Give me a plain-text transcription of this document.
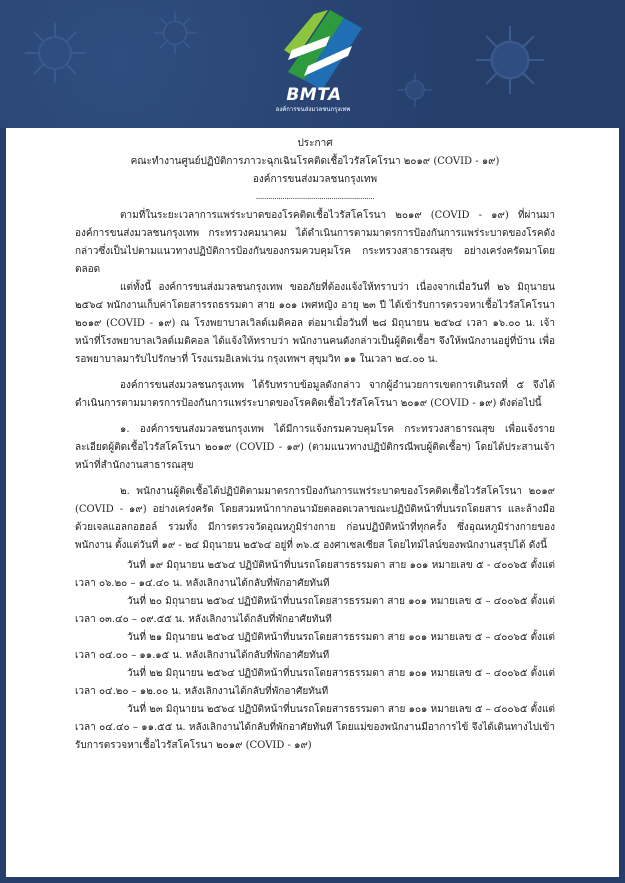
BMTA
องค์การขนส่งมวลชนกรุงเทพ
ประกาศ
คณะทำงานศูนย์ปฏิบัติการภาวะฉุกเฉินโรคติดเชื้อไวรัสโคโรนา ๒๐๑๙ (COVID - ๑๙)
องค์การขนส่งมวลชนกรุงเทพ
..........................................................

ตามที่ในระยะเวลาการแพร่ระบาดของโรคติดเชื้อไวรัสโคโรนา ๒๐๑๙ (COVID - ๑๙) ที่ผ่านมาองค์การขนส่งมวลชนกรุงเทพ กระทรวงคมนาคม ได้ดำเนินการตามมาตรการป้องกันการแพร่ระบาดของโรคดังกล่าวซึ่งเป็นไปตามแนวทางปฏิบัติการป้องกันของกรมควบคุมโรค กระทรวงสาธารณสุข อย่างเคร่งครัดมาโดยตลอด

แต่ทั้งนี้ องค์การขนส่งมวลชนกรุงเทพ ขออภัยที่ต้องแจ้งให้ทราบว่า เนื่องจากเมื่อวันที่ ๒๖ มิถุนายน ๒๕๖๔ พนักงานเก็บค่าโดยสารรถธรรมดา สาย ๑๐๑ เพศหญิง อายุ ๒๓ ปี ได้เข้ารับการตรวจหาเชื้อไวรัสโคโรนา ๒๐๑๙ (COVID - ๑๙) ณ โรงพยาบาลเวิลด์เมดิคอล ต่อมาเมื่อวันที่ ๒๘ มิถุนายน ๒๕๖๔ เวลา ๑๖.๐๐ น. เจ้าหน้าที่โรงพยาบาลเวิลด์เมดิคอล ได้แจ้งให้ทราบว่า พนักงานคนดังกล่าวเป็นผู้ติดเชื้อฯ จึงให้พนักงานอยู่ที่บ้าน เพื่อรอพยาบาลมารับไปรักษาที่ โรงแรมอิเลฟเว่น กรุงเทพฯ สุขุมวิท ๑๑ ในเวลา ๒๔.๐๐ น.

องค์การขนส่งมวลชนกรุงเทพ ได้รับทราบข้อมูลดังกล่าว จากผู้อำนวยการเขตการเดินรถที่ ๕ จึงได้ดำเนินการตามมาตรการป้องกันการแพร่ระบาดของโรคติดเชื้อไวรัสโคโรนา ๒๐๑๙ (COVID - ๑๙) ดังต่อไปนี้

๑. องค์การขนส่งมวลชนกรุงเทพ ได้มีการแจ้งกรมควบคุมโรค กระทรวงสาธารณสุข เพื่อแจ้งรายละเอียดผู้ติดเชื้อไวรัสโคโรนา ๒๐๑๙ (COVID - ๑๙) (ตามแนวทางปฏิบัติกรณีพบผู้ติดเชื้อฯ) โดยได้ประสานเจ้าหน้าที่สำนักงานสาธารณสุข

๒. พนักงานผู้ติดเชื้อได้ปฏิบัติตามมาตรการป้องกันการแพร่ระบาดของโรคติดเชื้อไวรัสโคโรนา ๒๐๑๙ (COVID - ๑๙) อย่างเคร่งครัด โดยสวมหน้ากากอนามัยตลอดเวลาขณะปฏิบัติหน้าที่บนรถโดยสาร และล้างมือด้วยเจลแอลกอฮอล์ รวมทั้ง มีการตรวจวัดอุณหภูมิร่างกาย ก่อนปฏิบัติหน้าที่ทุกครั้ง ซึ่งอุณหภูมิร่างกายของพนักงาน ตั้งแต่วันที่ ๑๙ - ๒๔ มิถุนายน ๒๕๖๔ อยู่ที่ ๓๖.๕ องศาเซลเซียส โดยไทม์ไลน์ของพนักงานสรุปได้ ดังนี้

วันที่ ๑๙ มิถุนายน ๒๕๖๔ ปฏิบัติหน้าที่บนรถโดยสารธรรมดา สาย ๑๐๑ หมายเลข ๕ - ๔๐๐๖๕ ตั้งแต่เวลา ๐๖.๒๐ – ๑๔.๔๐ น. หลังเลิกงานได้กลับที่พักอาศัยทันที

วันที่ ๒๐ มิถุนายน ๒๕๖๔ ปฏิบัติหน้าที่บนรถโดยสารธรรมดา สาย ๑๐๑ หมายเลข ๕ – ๔๐๐๖๕ ตั้งแต่เวลา ๐๓.๔๐ – ๐๙.๕๕ น. หลังเลิกงานได้กลับที่พักอาศัยทันที

วันที่ ๒๑ มิถุนายน ๒๕๖๔ ปฏิบัติหน้าที่บนรถโดยสารธรรมดา สาย ๑๐๑ หมายเลข ๕ – ๔๐๐๖๕ ตั้งแต่เวลา ๐๔.๐๐ – ๑๑.๑๕ น. หลังเลิกงานได้กลับที่พักอาศัยทันที

วันที่ ๒๒ มิถุนายน ๒๕๖๔ ปฏิบัติหน้าที่บนรถโดยสารธรรมดา สาย ๑๐๑ หมายเลข ๕ – ๔๐๐๖๕ ตั้งแต่เวลา ๐๔.๒๐ – ๑๒.๐๐ น. หลังเลิกงานได้กลับที่พักอาศัยทันที

วันที่ ๒๓ มิถุนายน ๒๕๖๔ ปฏิบัติหน้าที่บนรถโดยสารธรรมดา สาย ๑๐๑ หมายเลข ๕ – ๔๐๐๖๕ ตั้งแต่เวลา ๐๔.๔๐ – ๑๑.๕๕ น. หลังเลิกงานได้กลับที่พักอาศัยทันที โดยแม่ของพนักงานมีอาการไข้ จึงได้เดินทางไปเข้ารับการตรวจหาเชื้อไวรัสโคโรนา ๒๐๑๙ (COVID - ๑๙)
